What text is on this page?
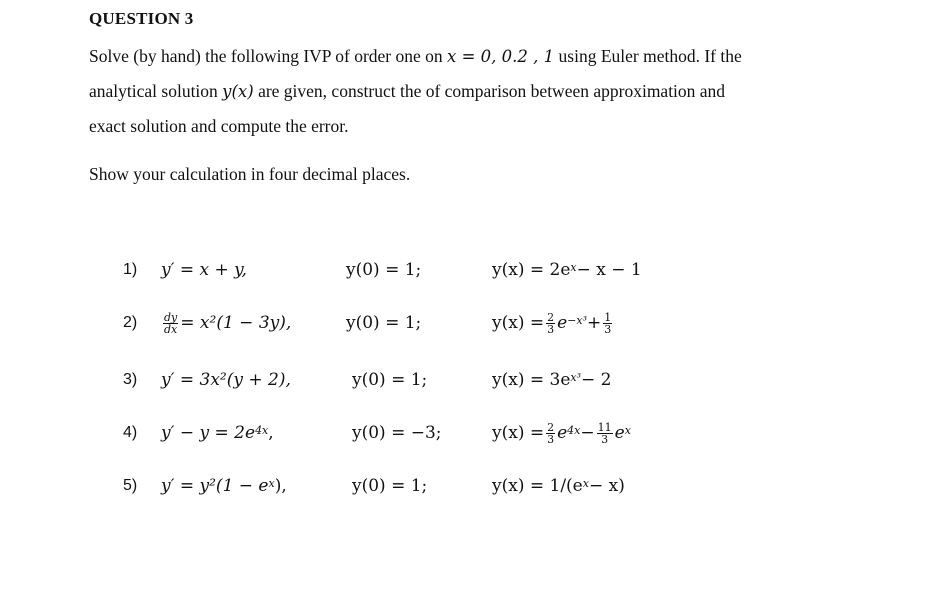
QUESTION 3
Solve (by hand) the following IVP of order one on x = 0, 0.2 , 1 using Euler method. If the
analytical solution y(x) are given, construct the of comparison between approximation and
exact solution and compute the error.
Show your calculation in four decimal places.
1) y′ = x + y,	y(0) = 1;	$y(x) = 2e^x - x - 1$
$2) \frac{dy}{dx} = x^2(1 - 3y)$,	y(0) = 1;	$y(x) = \frac{2}{3} e^{-x^3} + \frac{1}{3}$
3) y′ = 3x²(y + 2),	y(0) = 1;	$y(x) = 3e^{x^3} - 2$
4) $y' - y = 2e^{4x}$ ,	y(0) = −3;	$y(x) = \frac{2}{3} e^{4x} - \frac{11}{3} e^x$
5) $y' = y^2(1 - e^x$ ),	y(0) = 1;	$y(x) = 1/(e^x - x)$
